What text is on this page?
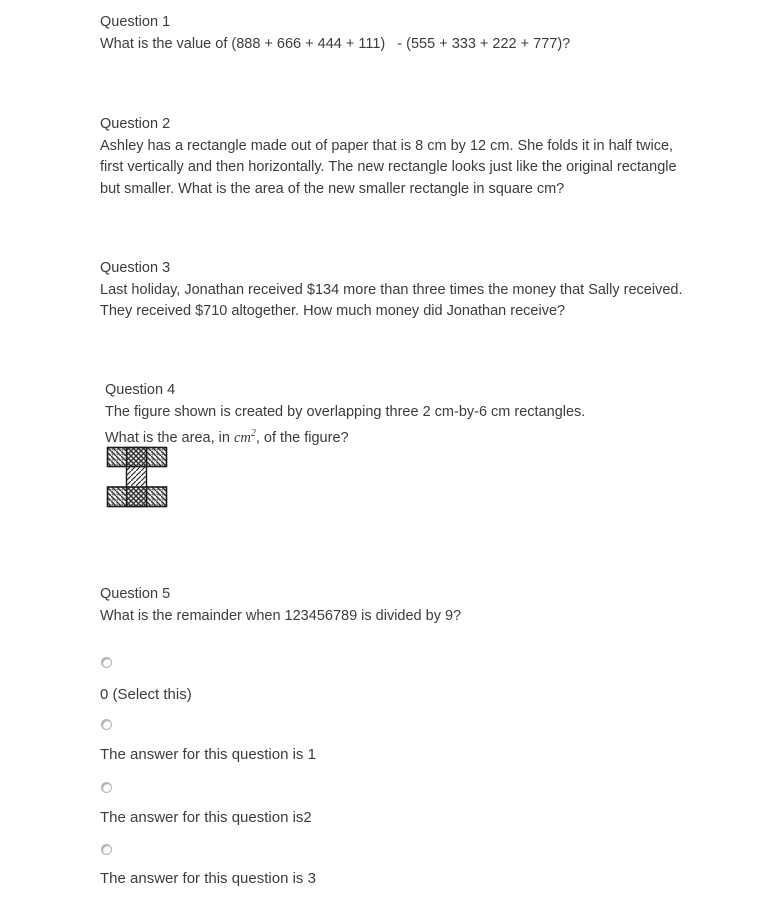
Question 1
What is the value of (888 + 666 + 444 + 111)   - (555 + 333 + 222 + 777)?
Question 2
Ashley has a rectangle made out of paper that is 8 cm by 12 cm. She folds it in half twice,
first vertically and then horizontally. The new rectangle looks just like the original rectangle
but smaller. What is the area of the new smaller rectangle in square cm?
Question 3
Last holiday, Jonathan received $134 more than three times the money that Sally received.
They received $710 altogether. How much money did Jonathan receive?
Question 4
The figure shown is created by overlapping three 2 cm-by-6 cm rectangles.
What is the area, in $cm^2$, of the figure?
Question 5
What is the remainder when 123456789 is divided by 9?
0 (Select this)
The answer for this question is 1
The answer for this question is2
The answer for this question is 3
